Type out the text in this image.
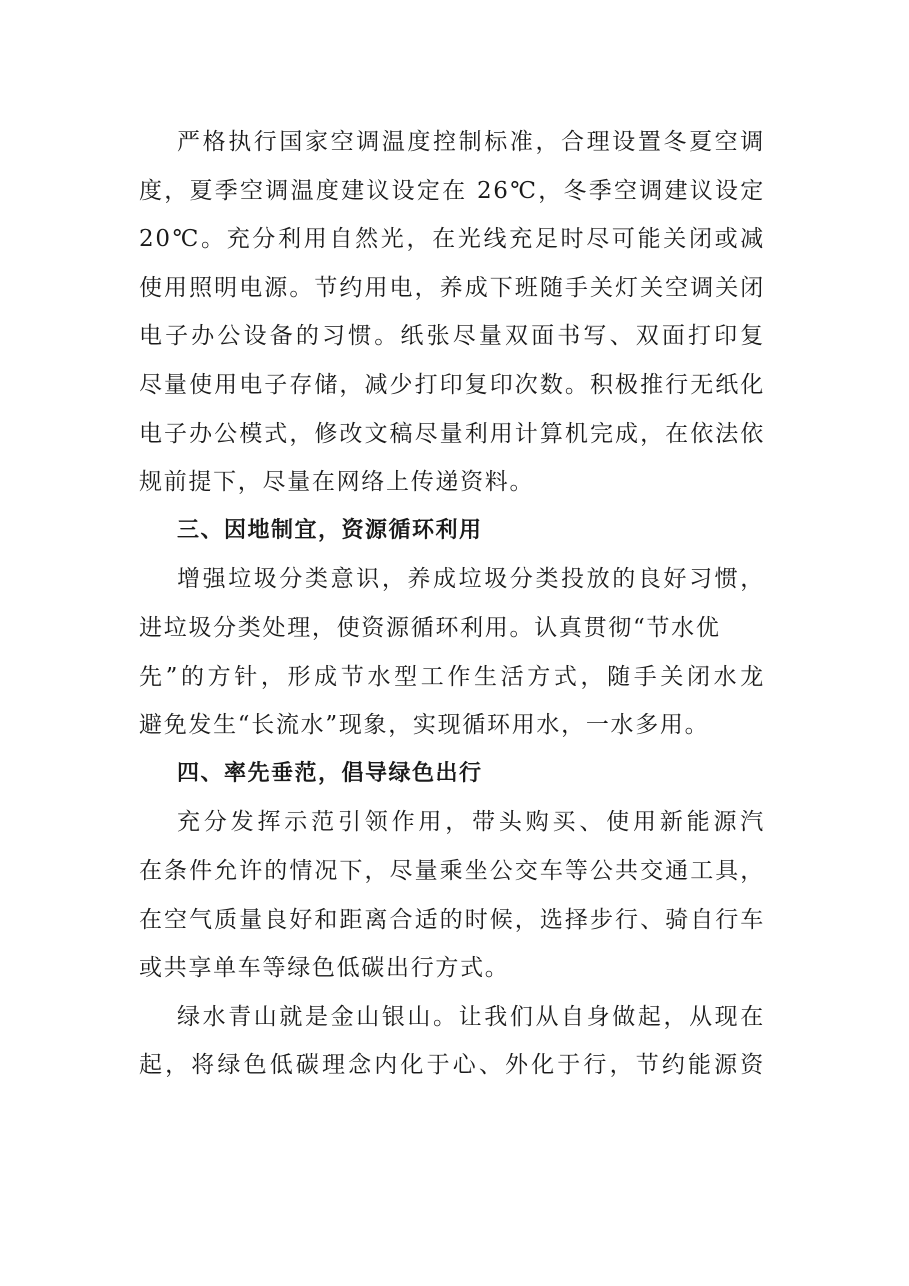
严格执行国家空调温度控制标准，合理设置冬夏空调
度，夏季空调温度建议设定在 26℃，冬季空调建议设定
20℃。充分利用自然光，在光线充足时尽可能关闭或减
使用照明电源。节约用电，养成下班随手关灯关空调关闭
电子办公设备的习惯。纸张尽量双面书写、双面打印复
尽量使用电子存储，减少打印复印次数。积极推行无纸化
电子办公模式，修改文稿尽量利用计算机完成，在依法依
规前提下，尽量在网络上传递资料。
三、因地制宜，资源循环利用
增强垃圾分类意识，养成垃圾分类投放的良好习惯，
进垃圾分类处理，使资源循环利用。认真贯彻“节水优
先”的方针，形成节水型工作生活方式，随手关闭水龙
避免发生“长流水”现象，实现循环用水，一水多用。
四、率先垂范，倡导绿色出行
充分发挥示范引领作用，带头购买、使用新能源汽
在条件允许的情况下，尽量乘坐公交车等公共交通工具，
在空气质量良好和距离合适的时候，选择步行、骑自行车
或共享单车等绿色低碳出行方式。
绿水青山就是金山银山。让我们从自身做起，从现在
起，将绿色低碳理念内化于心、外化于行，节约能源资
